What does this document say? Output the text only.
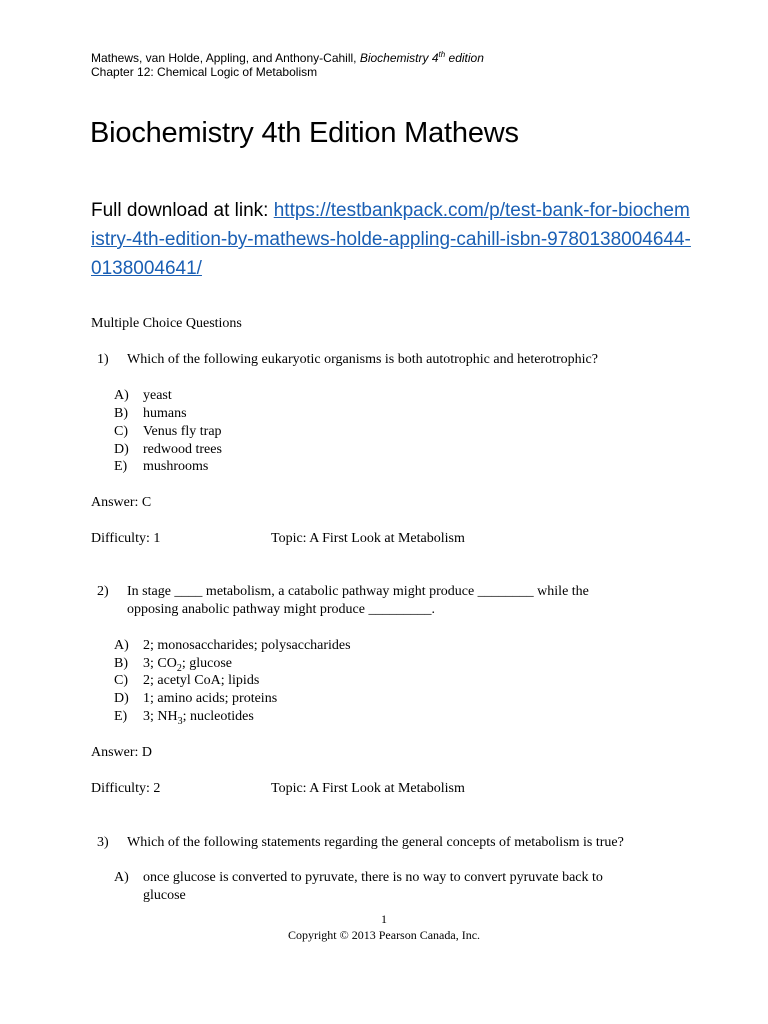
Mathews, van Holde, Appling, and Anthony-Cahill, Biochemistry 4th edition
Chapter 12: Chemical Logic of Metabolism
Biochemistry 4th Edition Mathews
Full download at link: https://testbankpack.com/p/test-bank-for-biochemistry-4th-edition-by-mathews-holde-appling-cahill-isbn-9780138004644-0138004641/
Multiple Choice Questions
1) Which of the following eukaryotic organisms is both autotrophic and heterotrophic?
A) yeast
B) humans
C) Venus fly trap
D) redwood trees
E) mushrooms
Answer: C
Difficulty: 1	Topic: A First Look at Metabolism
2) In stage ____ metabolism, a catabolic pathway might produce ________ while the
opposing anabolic pathway might produce _________.
A) 2; monosaccharides; polysaccharides
B) 3; $CO_2$; glucose
C) 2; acetyl CoA; lipids
D) 1; amino acids; proteins
E) 3; $NH_3$; nucleotides
Answer: D
Difficulty: 2	Topic: A First Look at Metabolism
3) Which of the following statements regarding the general concepts of metabolism is true?
A) once glucose is converted to pyruvate, there is no way to convert pyruvate back to
glucose
1
Copyright © 2013 Pearson Canada, Inc.
